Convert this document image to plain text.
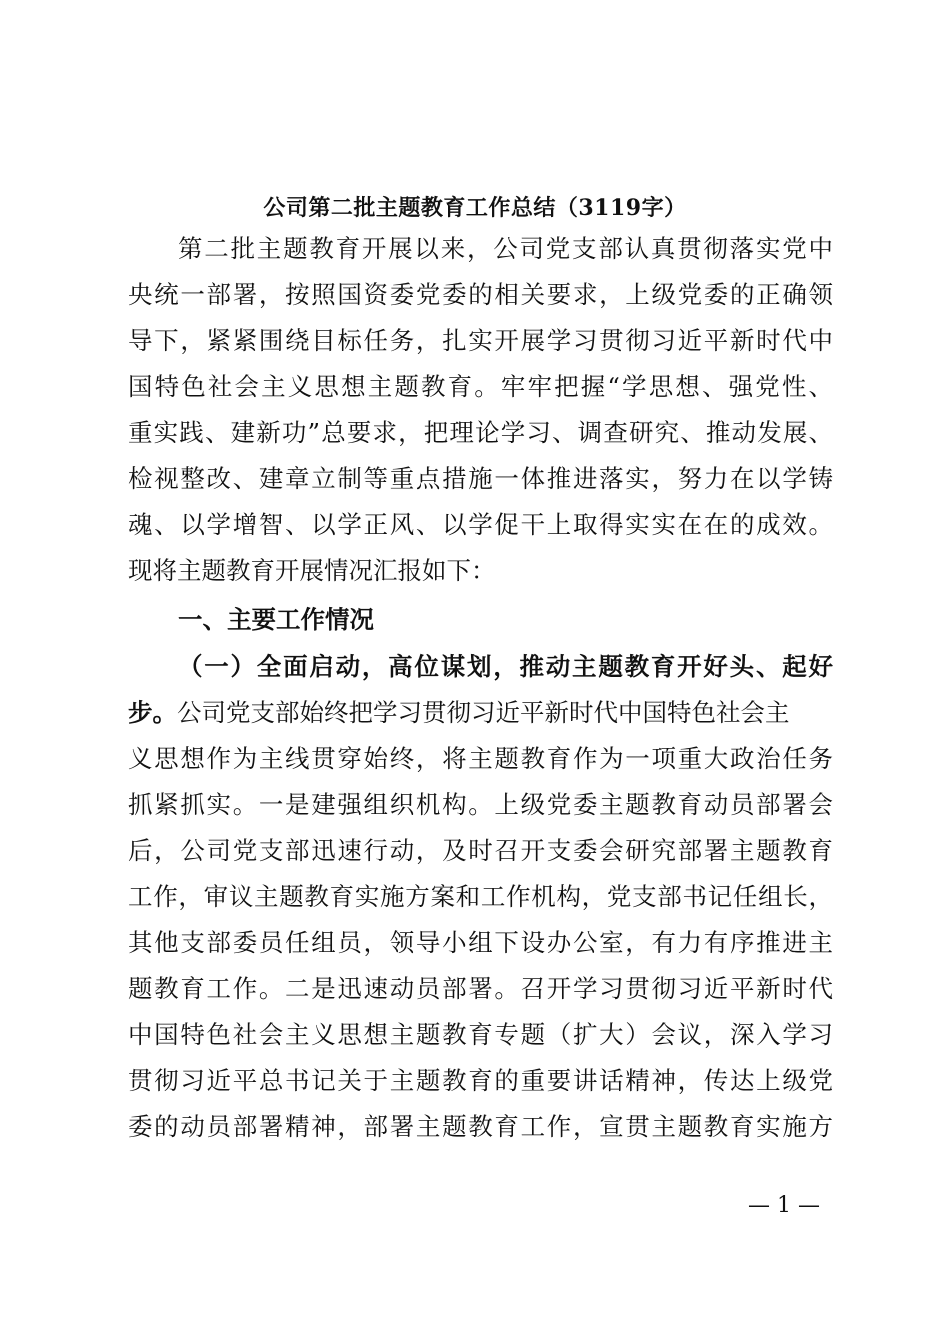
公司第二批主题教育工作总结（3119字）
第二批主题教育开展以来，公司党支部认真贯彻落实党中
央统一部署，按照国资委党委的相关要求，上级党委的正确领
导下，紧紧围绕目标任务，扎实开展学习贯彻习近平新时代中
国特色社会主义思想主题教育。牢牢把握“学思想、强党性、
重实践、建新功”总要求，把理论学习、调查研究、推动发展、
检视整改、建章立制等重点措施一体推进落实，努力在以学铸
魂、以学增智、以学正风、以学促干上取得实实在在的成效。
现将主题教育开展情况汇报如下：
一、主要工作情况
（一）全面启动，高位谋划，推动主题教育开好头、起好
步。公司党支部始终把学习贯彻习近平新时代中国特色社会主
义思想作为主线贯穿始终，将主题教育作为一项重大政治任务
抓紧抓实。一是建强组织机构。上级党委主题教育动员部署会
后，公司党支部迅速行动，及时召开支委会研究部署主题教育
工作，审议主题教育实施方案和工作机构，党支部书记任组长，
其他支部委员任组员，领导小组下设办公室，有力有序推进主
题教育工作。二是迅速动员部署。召开学习贯彻习近平新时代
中国特色社会主义思想主题教育专题（扩大）会议，深入学习
贯彻习近平总书记关于主题教育的重要讲话精神，传达上级党
委的动员部署精神，部署主题教育工作，宣贯主题教育实施方
— 1 —
